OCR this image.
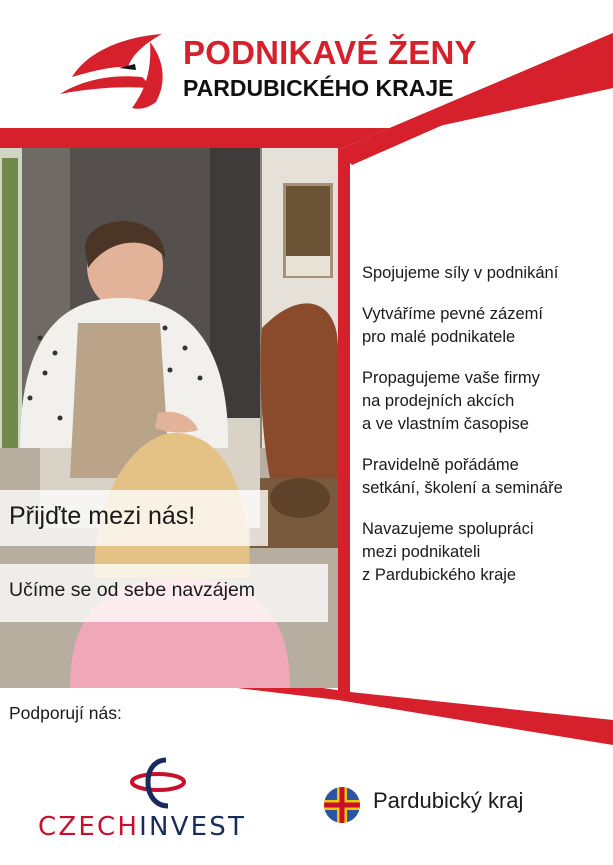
PODNIKAVÉ ŽENY
PARDUBICKÉHO KRAJE
Přijďte mezi nás!
Učíme se od sebe navzájem

Spojujeme síly v podnikání

Vytváříme pevné zázemí
pro malé podnikatele

Propagujeme vaše firmy
na prodejních akcích
a ve vlastním časopise

Pravidelně pořádáme
setkání, školení a semináře

Navazujeme spolupráci
mezi podnikateli
z Pardubického kraje

Podporují nás:
CZECHINVEST
Pardubický kraj
